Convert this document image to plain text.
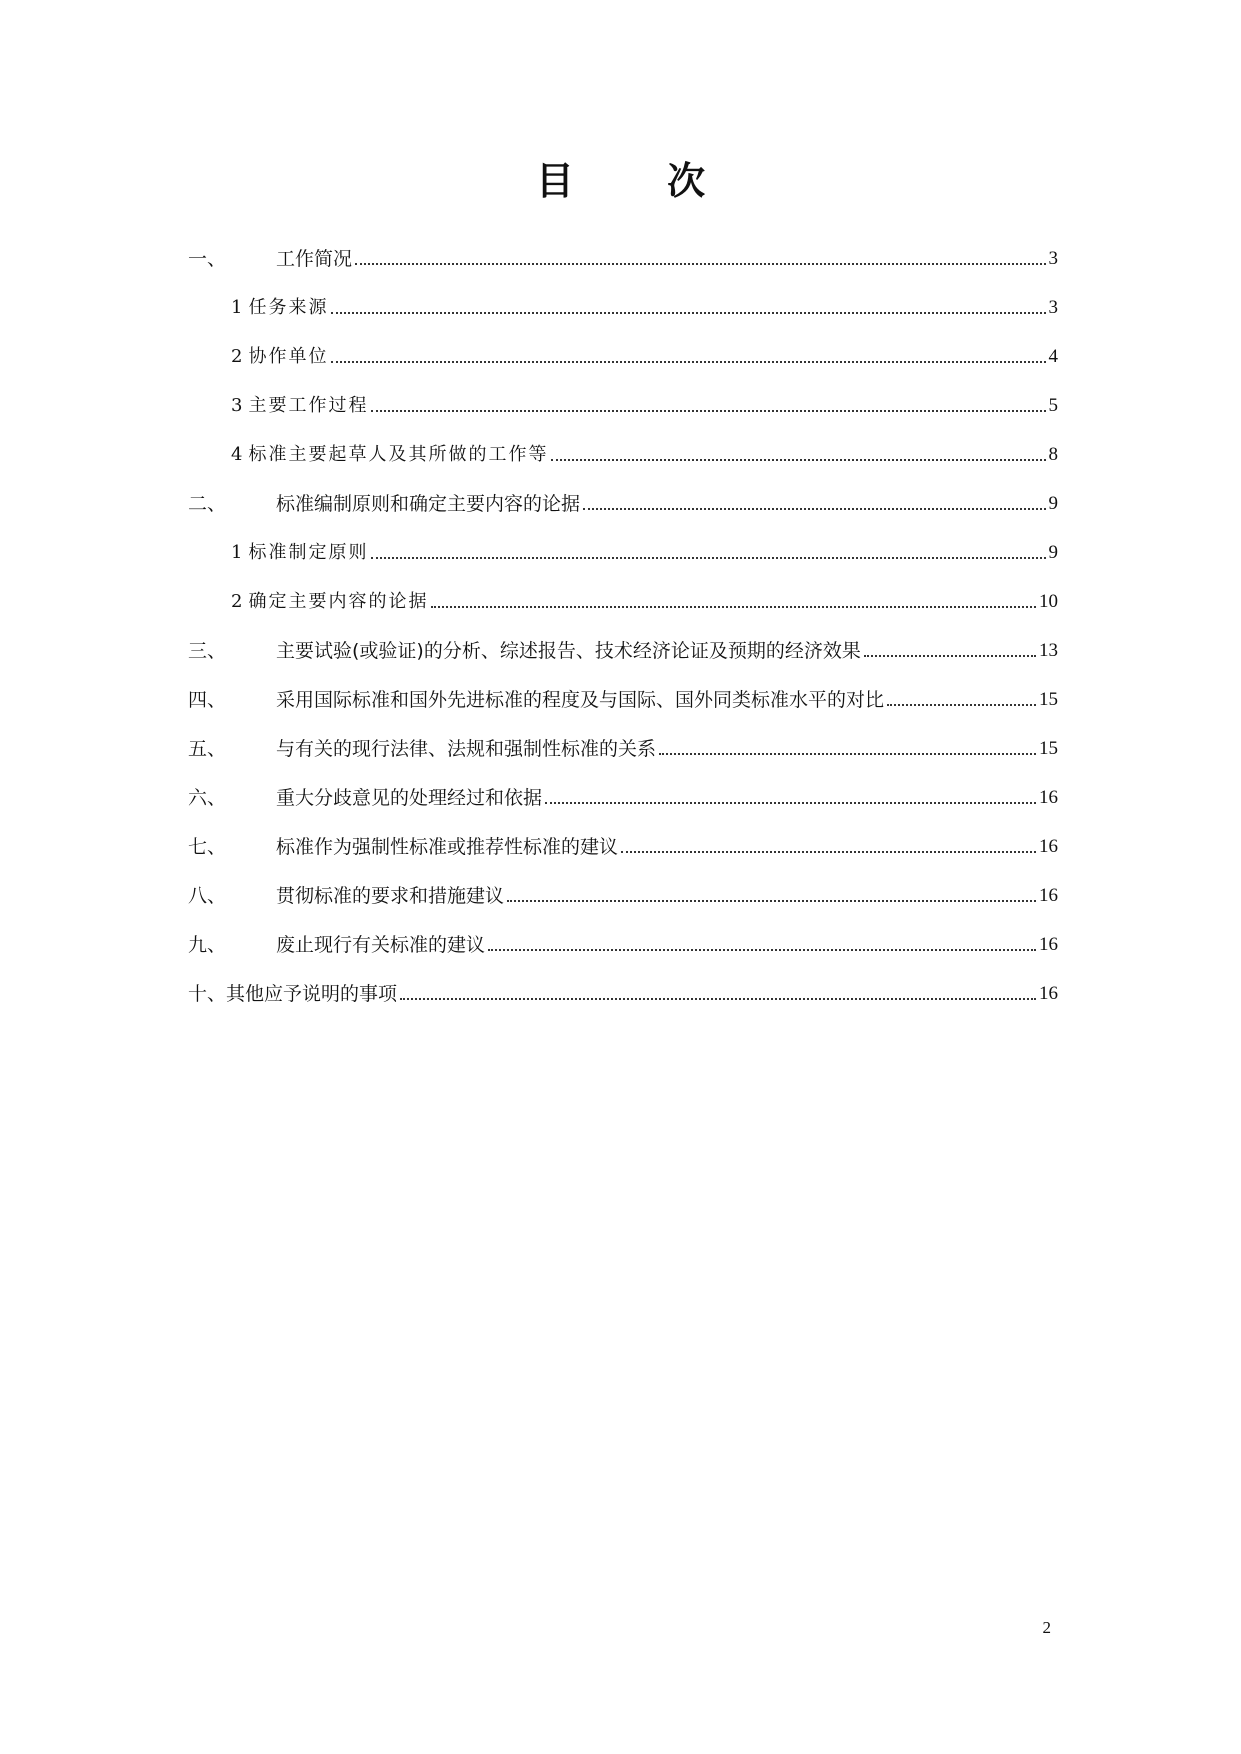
目 次
一、	工作简况	3
1 任务来源	3
2 协作单位	4
3 主要工作过程	5
4 标准主要起草人及其所做的工作等	8
二、	标准编制原则和确定主要内容的论据	9
1 标准制定原则	9
2 确定主要内容的论据	10
三、	主要试验(或验证)的分析、综述报告、技术经济论证及预期的经济效果	13
四、	采用国际标准和国外先进标准的程度及与国际、国外同类标准水平的对比	15
五、	与有关的现行法律、法规和强制性标准的关系	15
六、	重大分歧意见的处理经过和依据	16
七、	标准作为强制性标准或推荐性标准的建议	16
八、	贯彻标准的要求和措施建议	16
九、	废止现行有关标准的建议	16
十、 其他应予说明的事项	16
2
